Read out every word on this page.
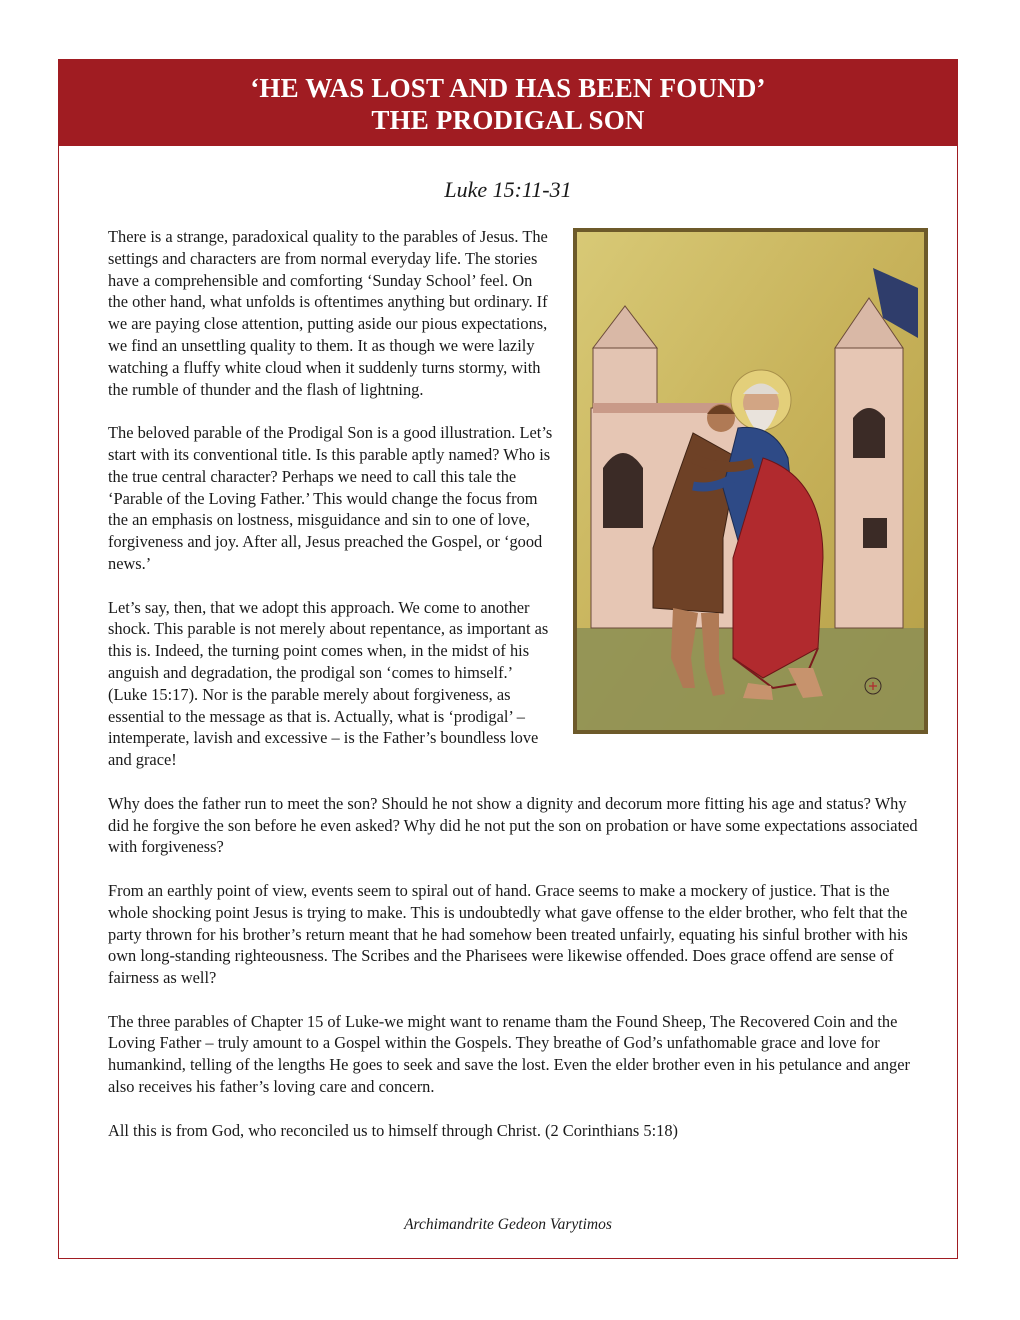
‘HE WAS LOST AND HAS BEEN FOUND’
THE PRODIGAL SON
Luke 15:11-31

There is a strange, paradoxical quality to the parables of Jesus. The settings and characters are from normal everyday life. The stories have a comprehensible and comforting ‘Sunday School’ feel. On the other hand, what unfolds is oftentimes anything but ordinary. If we are paying close attention, putting aside our pious expectations, we find an unsettling quality to them. It as though we were lazily watching a fluffy white cloud when it suddenly turns stormy, with the rumble of thunder and the flash of lightning.

The beloved parable of the Prodigal Son is a good illustration. Let’s start with its conventional title. Is this parable aptly named? Who is the true central character? Perhaps we need to call this tale the ‘Parable of the Loving Father.’ This would change the focus from the an emphasis on lostness, misguidance and sin to one of love, forgiveness and joy. After all, Jesus preached the Gospel, or ‘good news.’

Let’s say, then, that we adopt this approach. We come to another shock. This parable is not merely about repentance, as important as this is. Indeed, the turning point comes when, in the midst of his anguish and degradation, the prodigal son ‘comes to himself.’ (Luke 15:17). Nor is the parable merely about forgiveness, as essential to the message as that is. Actually, what is ‘prodigal’ – intemperate, lavish and excessive – is the Father’s boundless love and grace!

Why does the father run to meet the son? Should he not show a dignity and decorum more fitting his age and status? Why did he forgive the son before he even asked? Why did he not put the son on probation or have some expectations associated with forgiveness?

From an earthly point of view, events seem to spiral out of hand. Grace seems to make a mockery of justice. That is the whole shocking point Jesus is trying to make. This is undoubtedly what gave offense to the elder brother, who felt that the party thrown for his brother’s return meant that he had somehow been treated unfairly, equating his sinful brother with his own long-standing righteousness. The Scribes and the Pharisees were likewise offended. Does grace offend are sense of fairness as well?

The three parables of Chapter 15 of Luke-we might want to rename tham the Found Sheep, The Recovered Coin and the Loving Father – truly amount to a Gospel within the Gospels. They breathe of God’s unfathomable grace and love for humankind, telling of the lengths He goes to seek and save the lost. Even the elder brother even in his petulance and anger also receives his father’s loving care and concern.

All this is from God, who reconciled us to himself through Christ. (2 Corinthians 5:18)

Archimandrite Gedeon Varytimos
